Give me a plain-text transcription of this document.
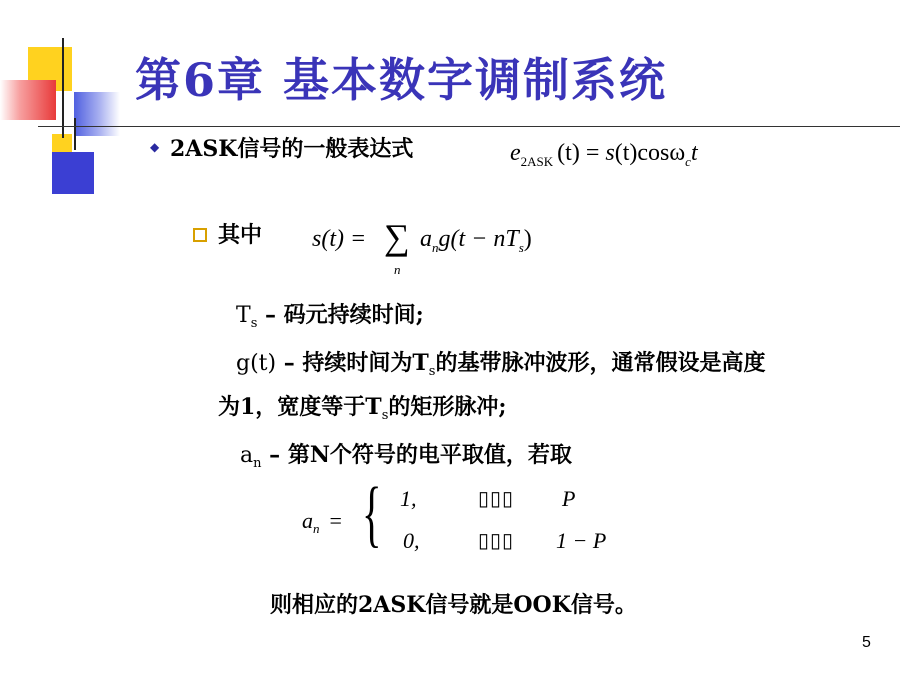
第6章 基本数字调制系统
◆ 2ASK信号的一般表达式	$e_{2ASK}$ (t) = s(t)cosω$_c$t
其中 s(t) = ∑
n
$a_ng(t - nT_s)$
$T_s$ – 码元持续时间;
g(t) – 持续时间为$T_s$的基带脉冲波形，通常假设是高度
为1，宽度等于$T_s$的矩形脉冲;
$a_n$ – 第N个符号的电平取值，若取
$a_n$ = { 1,	▯▯▯ P
0,	▯▯▯ 1 − P
则相应的2ASK信号就是OOK信号。
5
